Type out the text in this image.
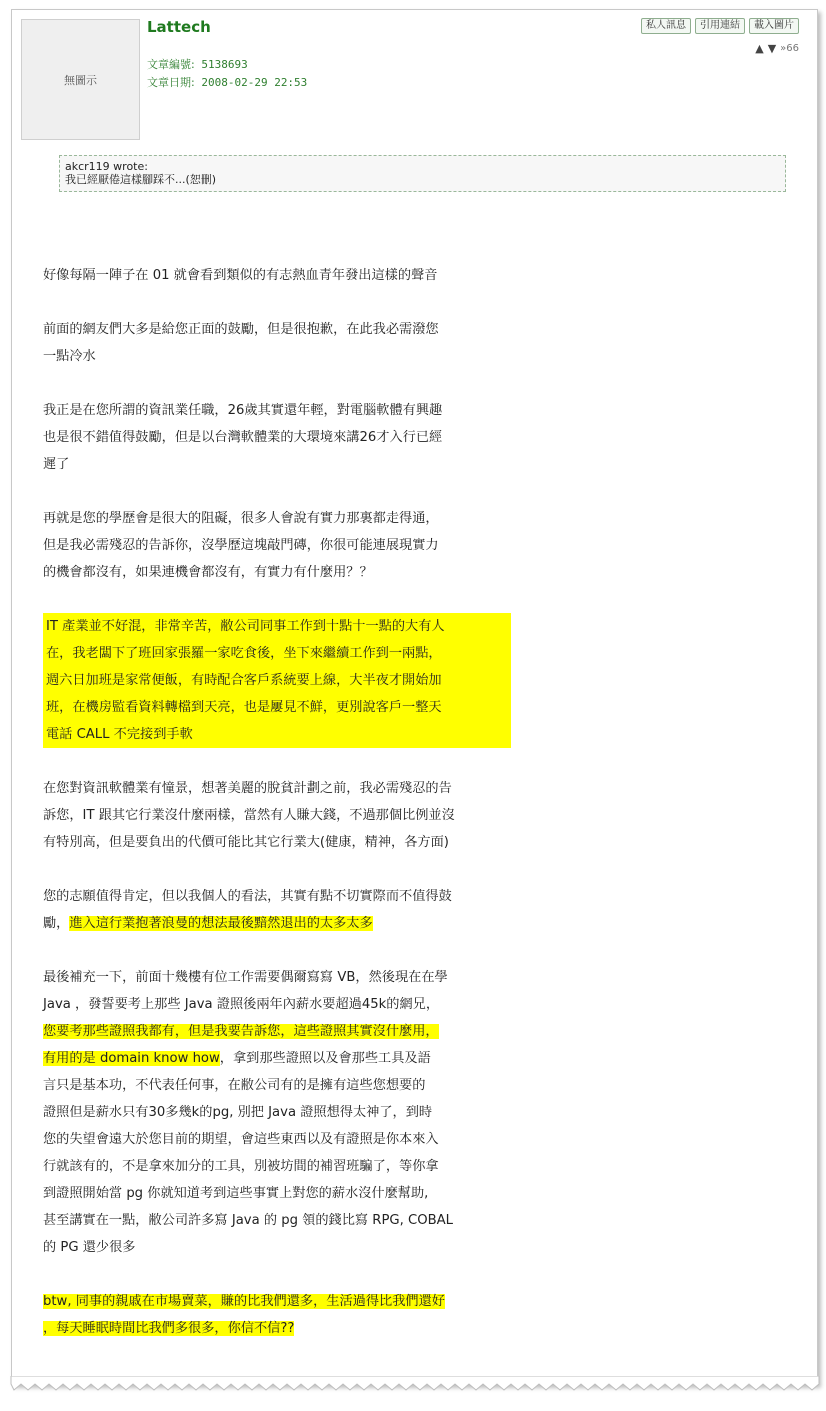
無圖示
Lattech
文章編號: 5138693
文章日期: 2008-02-29 22:53
私人訊息	引用連結	載入圖片
▲ ▼ »66
akcr119 wrote:
我已經厭倦這樣腳踩不...(恕刪)

好像每隔一陣子在 01 就會看到類似的有志熱血青年發出這樣的聲音

前面的網友們大多是給您正面的鼓勵，但是很抱歉，在此我必需潑您
一點冷水

我正是在您所謂的資訊業任職，26歲其實還年輕，對電腦軟體有興趣
也是很不錯值得鼓勵，但是以台灣軟體業的大環境來講26才入行已經
遲了

再就是您的學歷會是很大的阻礙，很多人會說有實力那裏都走得通，
但是我必需殘忍的告訴你，沒學歷這塊敲門磚，你很可能連展現實力
的機會都沒有，如果連機會都沒有，有實力有什麼用？？

IT 產業並不好混，非常辛苦，敝公司同事工作到十點十一點的大有人
在，我老闆下了班回家張羅一家吃食後，坐下來繼續工作到一兩點，
週六日加班是家常便飯，有時配合客戶系統要上線，大半夜才開始加
班，在機房監看資料轉檔到天亮，也是屢見不鮮，更別說客戶一整天
電話 CALL 不完接到手軟

在您對資訊軟體業有憧景，想著美麗的脫貧計劃之前，我必需殘忍的告
訴您，IT 跟其它行業沒什麼兩樣，當然有人賺大錢，不過那個比例並沒
有特別高，但是要負出的代價可能比其它行業大(健康，精神，各方面)

您的志願值得肯定，但以我個人的看法，其實有點不切實際而不值得鼓
勵，進入這行業抱著浪曼的想法最後黯然退出的太多太多

最後補充一下，前面十幾樓有位工作需要偶爾寫寫 VB，然後現在在學
Java ，發誓要考上那些 Java 證照後兩年內薪水要超過45k的網兄，
您要考那些證照我都有，但是我要告訴您，這些證照其實沒什麼用，
有用的是 domain know how，拿到那些證照以及會那些工具及語
言只是基本功，不代表任何事，在敝公司有的是擁有這些您想要的
證照但是薪水只有30多幾k的pg, 別把 Java 證照想得太神了，到時
您的失望會遠大於您目前的期望，會這些東西以及有證照是你本來入
行就該有的，不是拿來加分的工具，別被坊間的補習班騙了，等你拿
到證照開始當 pg 你就知道考到這些事實上對您的薪水沒什麼幫助,
甚至講實在一點，敝公司許多寫 Java 的 pg 領的錢比寫 RPG, COBAL
的 PG 還少很多

btw, 同事的親戚在市場賣菜，賺的比我們還多，生活過得比我們還好
，每天睡眠時間比我們多很多，你信不信??
